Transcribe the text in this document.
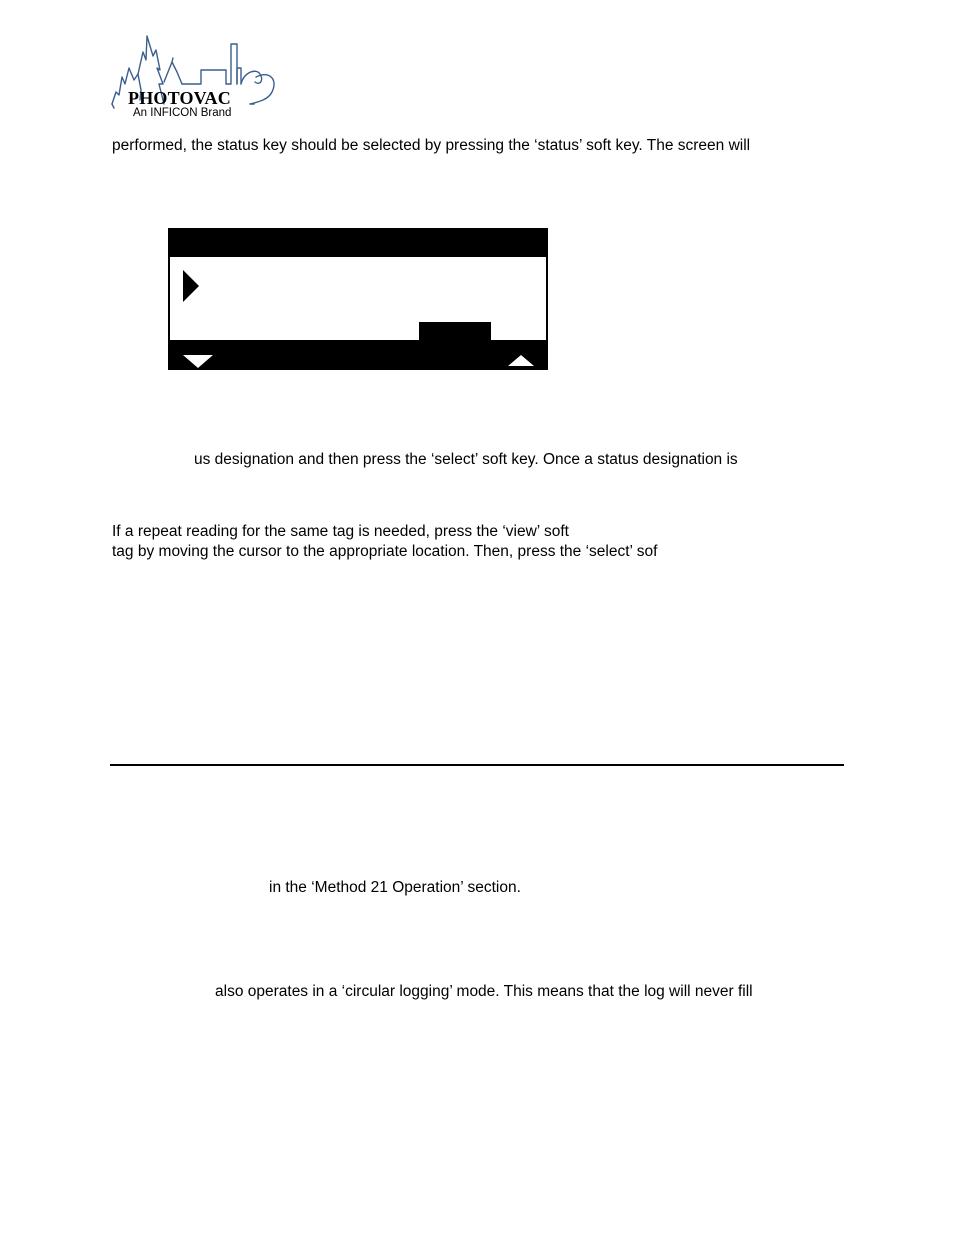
PHOTOVAC
An INFICON Brand
performed, the status key should be selected by pressing the ‘status’ soft key. The screen will
us designation and then press the ‘select’ soft key. Once a status designation is
If a repeat reading for the same tag is needed, press the ‘view’ soft
tag by moving the cursor to the appropriate location. Then, press the ‘select’ sof
in the ‘Method 21 Operation’ section.
also operates in a ‘circular logging’ mode. This means that the log will never fill
